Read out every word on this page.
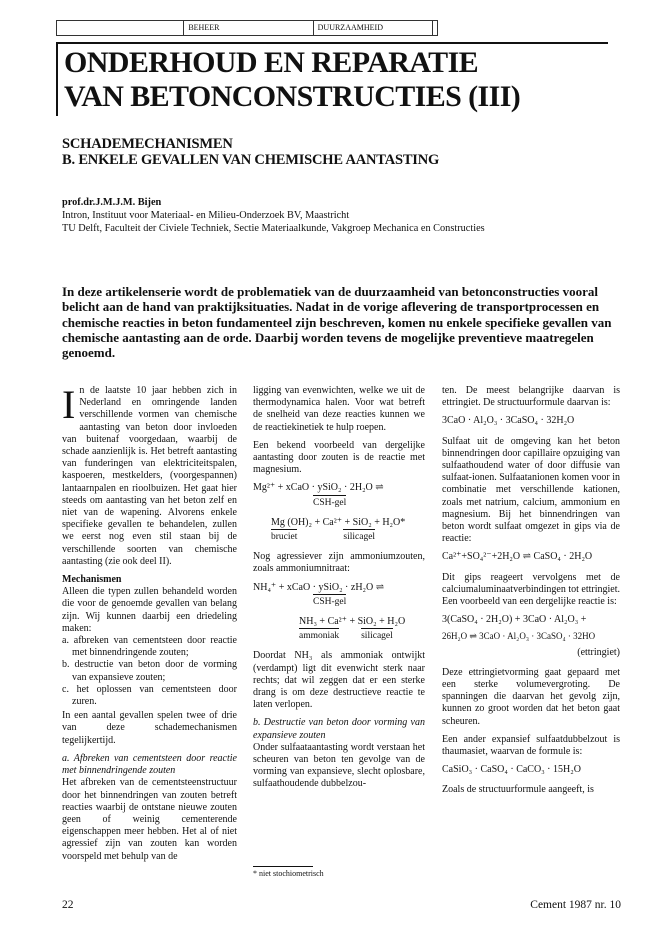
BEHEER	DUURZAAMHEID
ONDERHOUD EN REPARATIE
VAN BETONCONSTRUCTIES (III)
SCHADEMECHANISMEN
B. ENKELE GEVALLEN VAN CHEMISCHE AANTASTING
prof.dr.J.M.J.M. Bijen
Intron, Instituut voor Materiaal- en Milieu-Onderzoek BV, Maastricht
TU Delft, Faculteit der Civiele Techniek, Sectie Materiaalkunde, Vakgroep Mechanica en Constructies
In deze artikelenserie wordt de problematiek van de duurzaamheid van betonconstructies vooral belicht aan de hand van praktijksituaties. Nadat in de vorige aflevering de transportprocessen en chemische reacties in beton fundamenteel zijn beschreven, komen nu enkele specifieke gevallen van chemische aantasting aan de orde. Daarbij worden tevens de mogelijke preventieve maatregelen genoemd.

In de laatste 10 jaar hebben zich in Nederland en omringende landen verschillende vormen van chemische aantasting van beton door invloeden van buitenaf voorgedaan, waarbij de schade aanzienlijk is. Het betreft aantasting van funderingen van elektriciteitspalen, kaspoeren, mestkelders, (voorgespannen) lantaarnpalen en rioolbuizen. Het gaat hier steeds om aantasting van het beton zelf en niet van de wapening. Alvorens enkele specifieke gevallen te behandelen, zullen we eerst nog even stil staan bij de verschillende soorten van chemische aantasting (zie ook deel II).

Mechanismen
Alleen die typen zullen behandeld worden die voor de genoemde gevallen van belang zijn. Wij kunnen daarbij een driedeling maken:
a. afbreken van cementsteen door reactie met binnendringende zouten;
b. destructie van beton door de vorming van expansieve zouten;
c. het oplossen van cementsteen door zuren.

In een aantal gevallen spelen twee of drie van deze schademechanismen tegelijkertijd.

a. Afbreken van cementsteen door reactie met binnendringende zouten
Het afbreken van de cementsteenstructuur door het binnendringen van zouten betreft reacties waarbij de ontstane nieuwe zouten geen of weinig cementerende eigenschappen meer hebben. Het al of niet agressief zijn van zouten kan worden voorspeld met behulp van de

ligging van evenwichten, welke we uit de thermodynamica halen. Voor wat betreft de snelheid van deze reacties kunnen we de reactiekinetiek te hulp roepen.

Een bekend voorbeeld van dergelijke aantasting door zouten is de reactie met magnesium.

Mg²⁺ + xCaO · ySiO₂ · 2H₂O ⇌
CSH-gel
Mg (OH)₂ + Ca²⁺ + SiO₂ + H₂O*
bruciet	silicagel

Nog agressiever zijn ammoniumzouten, zoals ammoniumnitraat:

NH₄⁺ + xCaO · ySiO₂ · zH₂O ⇌
CSH-gel
NH₃ + Ca²⁺ + SiO₂ + H₂O
ammoniak silicagel

Doordat NH₃ als ammoniak ontwijkt (verdampt) ligt dit evenwicht sterk naar rechts; dat wil zeggen dat er een sterke drang is om deze destructieve reactie te laten verlopen.

b. Destructie van beton door vorming van expansieve zouten
Onder sulfaataantasting wordt verstaan het scheuren van beton ten gevolge van de vorming van expansieve, slecht oplosbare, sulfaathoudende dubbelzou-

ten. De meest belangrijke daarvan is ettringiet. De structuurformule daarvan is:

3CaO · Al₂O₃ · 3CaSO₄ · 32H₂O

Sulfaat uit de omgeving kan het beton binnendringen door capillaire opzuiging van sulfaathoudend water of door diffusie van sulfaat-ionen. Sulfaatanionen komen voor in combinatie met verschillende kationen, zoals met natrium, calcium, ammonium en magnesium. Bij het binnendringen van beton wordt sulfaat omgezet in gips via de reactie:

Ca²⁺+SO₄²⁻+2H₂O ⇌ CaSO₄ · 2H₂O

Dit gips reageert vervolgens met de calciumaluminaatverbindingen tot ettringiet. Een voorbeeld van een dergelijke reactie is:

3(CaSO₄ · 2H₂O) + 3CaO · Al₂O₃ +
26H₂O ⇌ 3CaO · Al₂O₃ · 3CaSO₄ · 32HO
(ettringiet)

Deze ettringietvorming gaat gepaard met een sterke volumevergroting. De spanningen die daarvan het gevolg zijn, kunnen zo groot worden dat het beton gaat scheuren.

Een ander expansief sulfaatdubbelzout is thaumasiet, waarvan de formule is:

CaSiO₃ · CaSO₄ · CaCO₃ · 15H₂O

Zoals de structuurformule aangeeft, is

* niet stochiometrisch
22	Cement 1987 nr. 10
